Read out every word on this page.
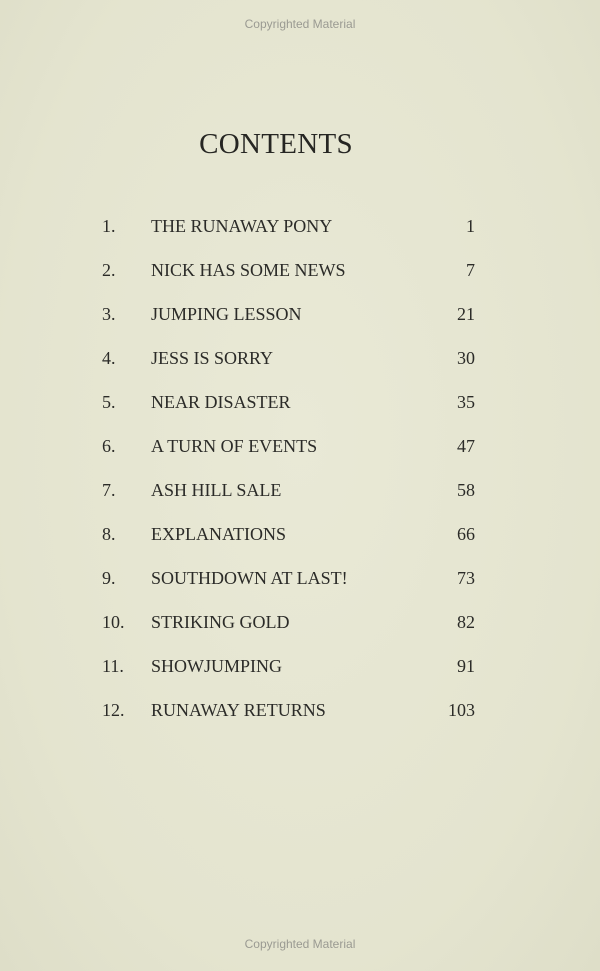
Copyrighted Material
CONTENTS
1. THE RUNAWAY PONY	1
2. NICK HAS SOME NEWS	7
3. JUMPING LESSON	21
4. JESS IS SORRY	30
5. NEAR DISASTER	35
6. A TURN OF EVENTS	47
7. ASH HILL SALE	58
8. EXPLANATIONS	66
9. SOUTHDOWN AT LAST!	73
10. STRIKING GOLD	82
11. SHOWJUMPING	91
12. RUNAWAY RETURNS	103
Copyrighted Material
